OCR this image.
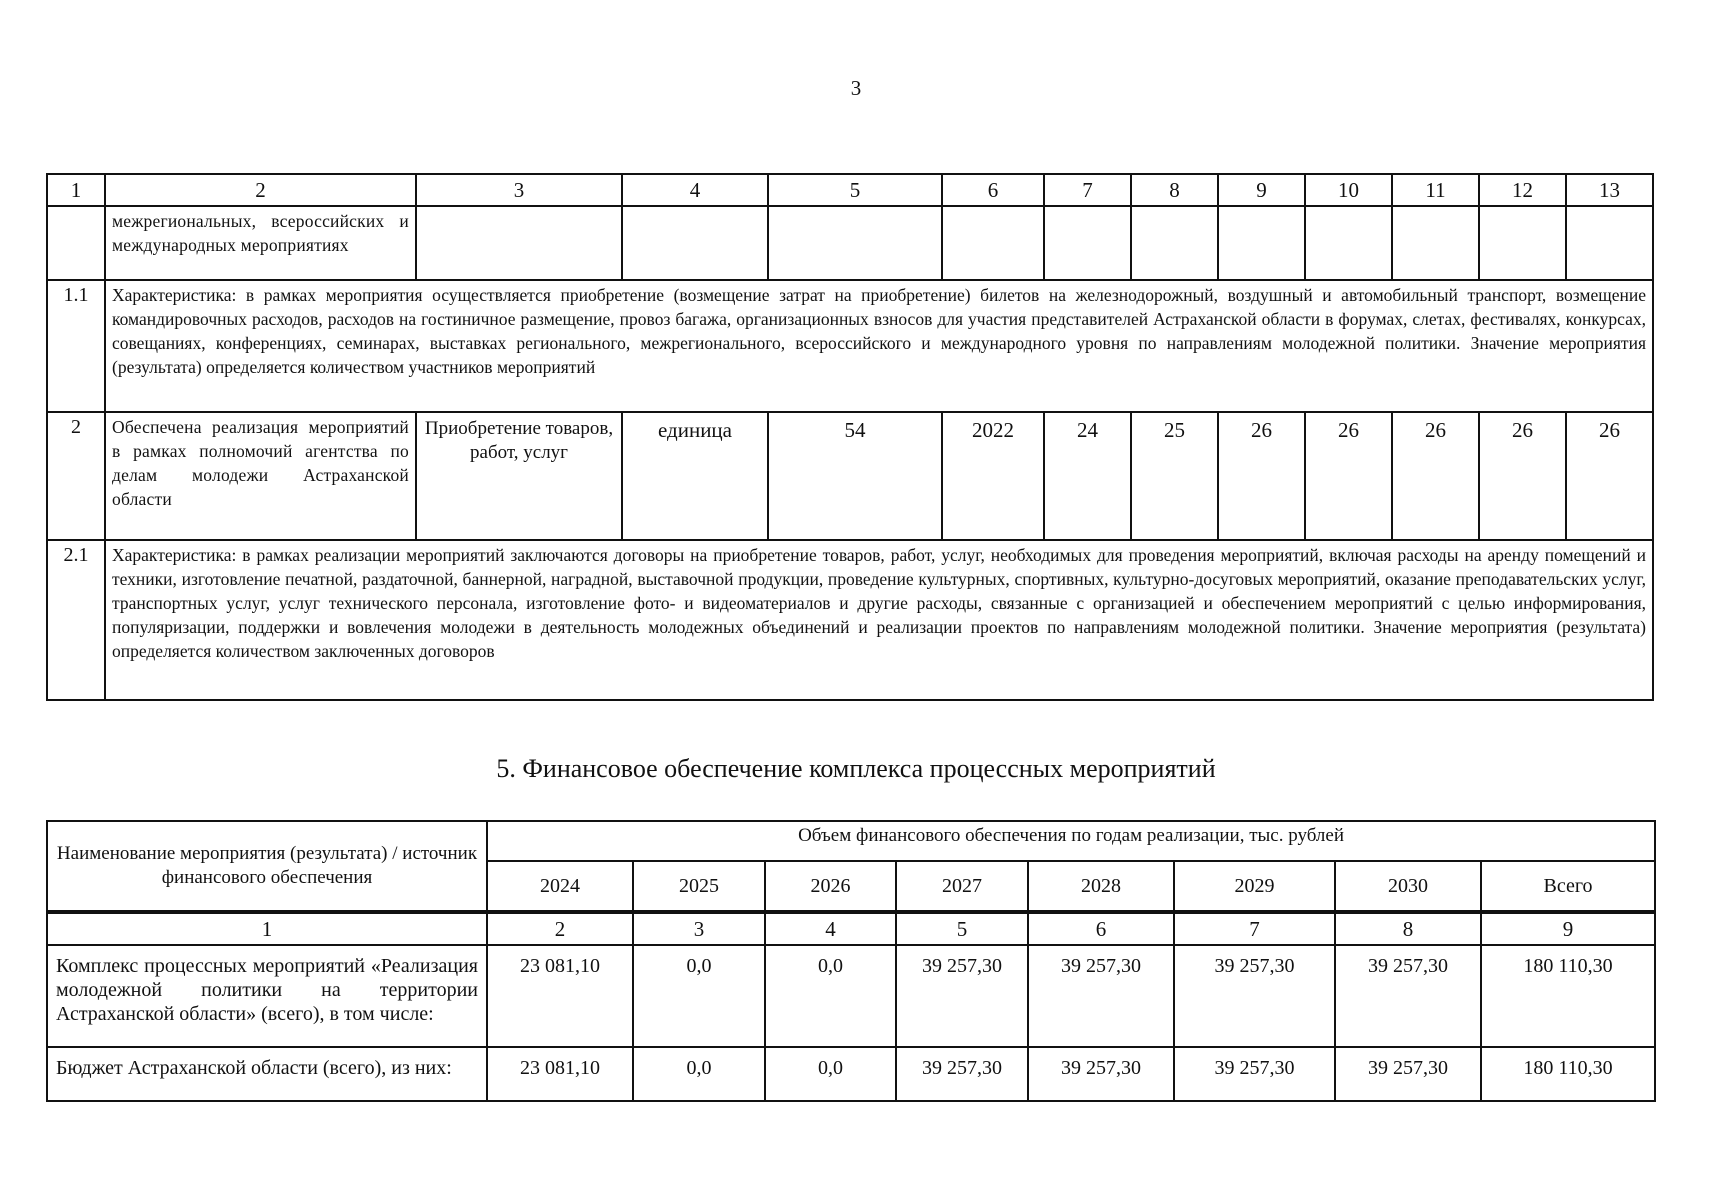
3
1	2	3	4	5	6	7	8	9	10	11	12	13
	межрегиональных, всероссийских и международных мероприятиях											
1.1	Характеристика: в рамках мероприятия осуществляется приобретение (возмещение затрат на приобретение) билетов на железнодорожный, воздушный и автомобильный транспорт, возмещение командировочных расходов, расходов на гостиничное размещение, провоз багажа, организационных взносов для участия представителей Астраханской области в форумах, слетах, фестивалях, конкурсах, совещаниях, конференциях, семинарах, выставках регионального, межрегионального, всероссийского и международного уровня по направлениям молодежной политики. Значение мероприятия (результата) определяется количеством участников мероприятий											
2	Обеспечена реализация мероприятий в рамках полномочий агентства по делам молодежи Астраханской области	Приобретение товаров, работ, услуг	единица	54	2022	24	25	26	26	26	26	26
2.1	Характеристика: в рамках реализации мероприятий заключаются договоры на приобретение товаров, работ, услуг, необходимых для проведения мероприятий, включая расходы на аренду помещений и техники, изготовление печатной, раздаточной, баннерной, наградной, выставочной продукции, проведение культурных, спортивных, культурно-досуговых мероприятий, оказание преподавательских услуг, транспортных услуг, услуг технического персонала, изготовление фото- и видеоматериалов и другие расходы, связанные с организацией и обеспечением мероприятий с целью информирования, популяризации, поддержки и вовлечения молодежи в деятельность молодежных объединений и реализации проектов по направлениям молодежной политики. Значение мероприятия (результата) определяется количеством заключенных договоров											
5. Финансовое обеспечение комплекса процессных мероприятий
Наименование мероприятия (результата) / источник финансового обеспечения	Объем финансового обеспечения по годам реализации, тыс. рублей							
	2024	2025	2026	2027	2028	2029	2030	Всего
1	2	3	4	5	6	7	8	9
Комплекс процессных мероприятий «Реализация молодежной политики на территории Астраханской области» (всего), в том числе:	23 081,10	0,0	0,0	39 257,30	39 257,30	39 257,30	39 257,30	180 110,30
Бюджет Астраханской области (всего), из них:	23 081,10	0,0	0,0	39 257,30	39 257,30	39 257,30	39 257,30	180 110,30
